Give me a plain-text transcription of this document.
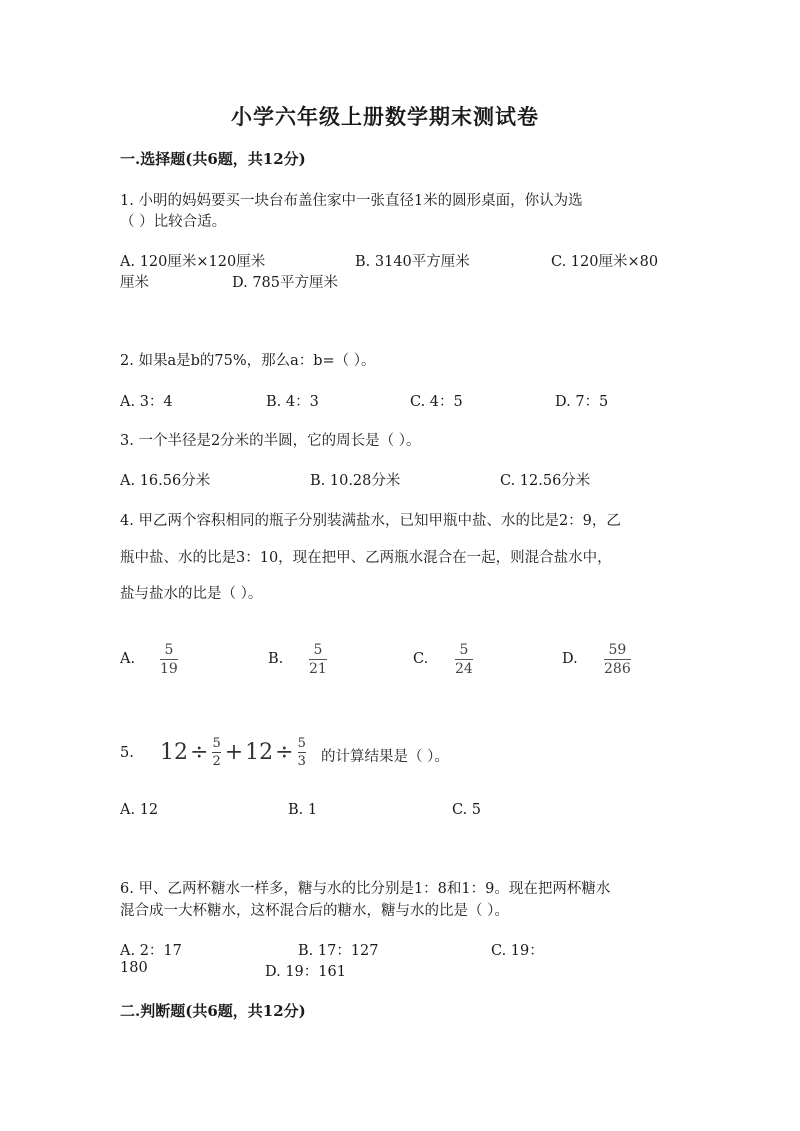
小学六年级上册数学期末测试卷
一.选择题(共6题，共12分)
1. 小明的妈妈要买一块台布盖住家中一张直径1米的圆形桌面，你认为选
（ ）比较合适。
A. 120厘米×120厘米	B. 3140平方厘米	C. 120厘米×80
厘米	D. 785平方厘米
2. 如果a是b的75%，那么a：b=（ ）。
A. 3：4	B. 4：3	C. 4：5	D. 7：5
3. 一个半径是2分米的半圆，它的周长是（ ）。
A. 16.56分米	B. 10.28分米	C. 12.56分米
4. 甲乙两个容积相同的瓶子分别装满盐水，已知甲瓶中盐、水的比是2：9，乙
瓶中盐、水的比是3：10，现在把甲、乙两瓶水混合在一起，则混合盐水中，
盐与盐水的比是（ ）。
A.
5
19
B.
5
21
C.
5
24
D.
59
286
5. 12 ÷ 5
2 + 12 ÷ 5
3 的计算结果是（ ）。
A. 12	B. 1	C. 5
6. 甲、乙两杯糖水一样多，糖与水的比分别是1：8和1：9。现在把两杯糖水
混合成一大杯糖水，这杯混合后的糖水，糖与水的比是（ ）。
A. 2：17	B. 17：127	C. 19：
180	D. 19：161
二.判断题(共6题，共12分)
